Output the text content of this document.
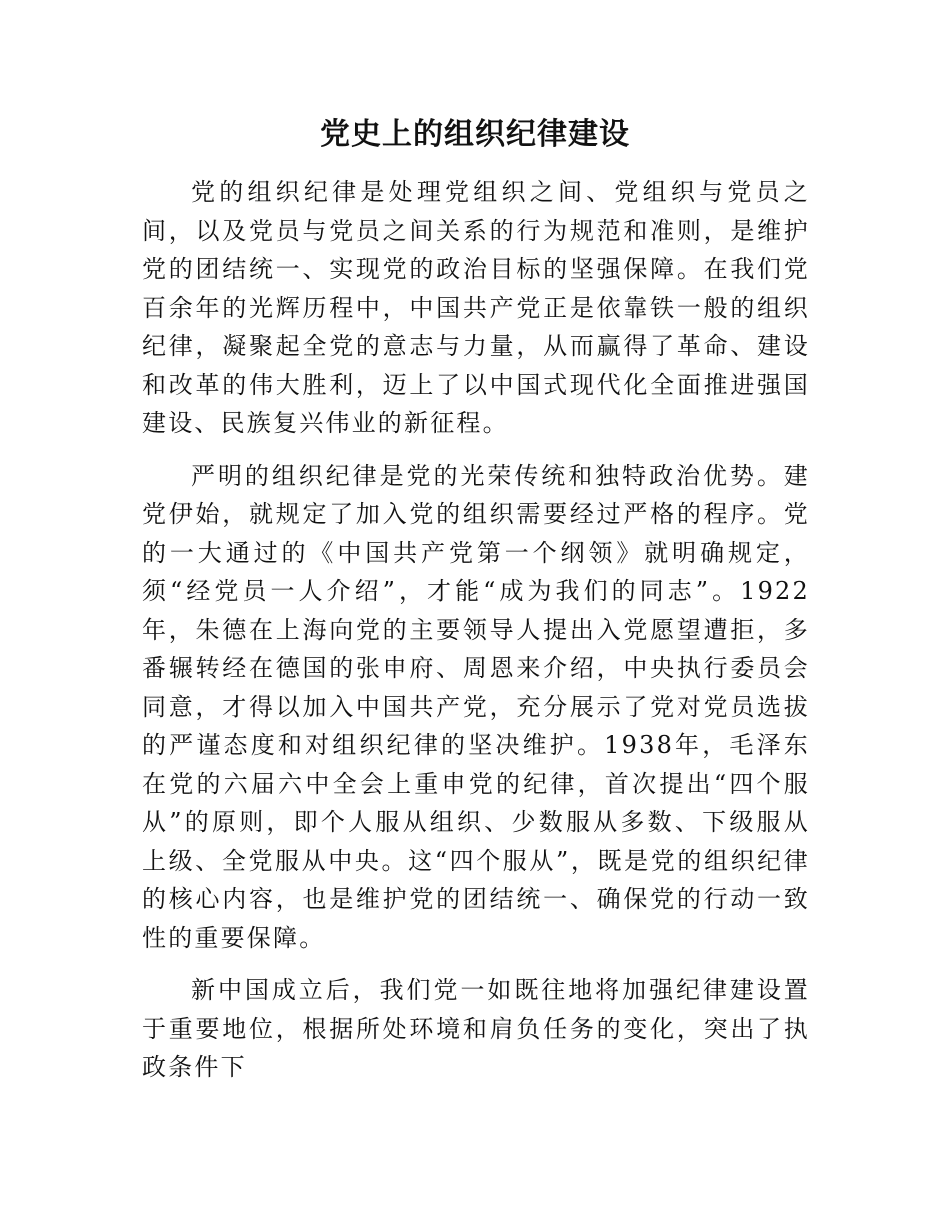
党史上的组织纪律建设

党的组织纪律是处理党组织之间、党组织与党员之间，以及党员与党员之间关系的行为规范和准则，是维护党的团结统一、实现党的政治目标的坚强保障。在我们党百余年的光辉历程中，中国共产党正是依靠铁一般的组织纪律，凝聚起全党的意志与力量，从而赢得了革命、建设和改革的伟大胜利，迈上了以中国式现代化全面推进强国建设、民族复兴伟业的新征程。

严明的组织纪律是党的光荣传统和独特政治优势。建党伊始，就规定了加入党的组织需要经过严格的程序。党的一大通过的《中国共产党第一个纲领》就明确规定，须“经党员一人介绍”，才能“成为我们的同志”。1922年，朱德在上海向党的主要领导人提出入党愿望遭拒，多番辗转经在德国的张申府、周恩来介绍，中央执行委员会同意，才得以加入中国共产党，充分展示了党对党员选拔的严谨态度和对组织纪律的坚决维护。1938年，毛泽东在党的六届六中全会上重申党的纪律，首次提出“四个服从”的原则，即个人服从组织、少数服从多数、下级服从上级、全党服从中央。这“四个服从”，既是党的组织纪律的核心内容，也是维护党的团结统一、确保党的行动一致性的重要保障。

新中国成立后，我们党一如既往地将加强纪律建设置于重要地位，根据所处环境和肩负任务的变化，突出了执政条件下
